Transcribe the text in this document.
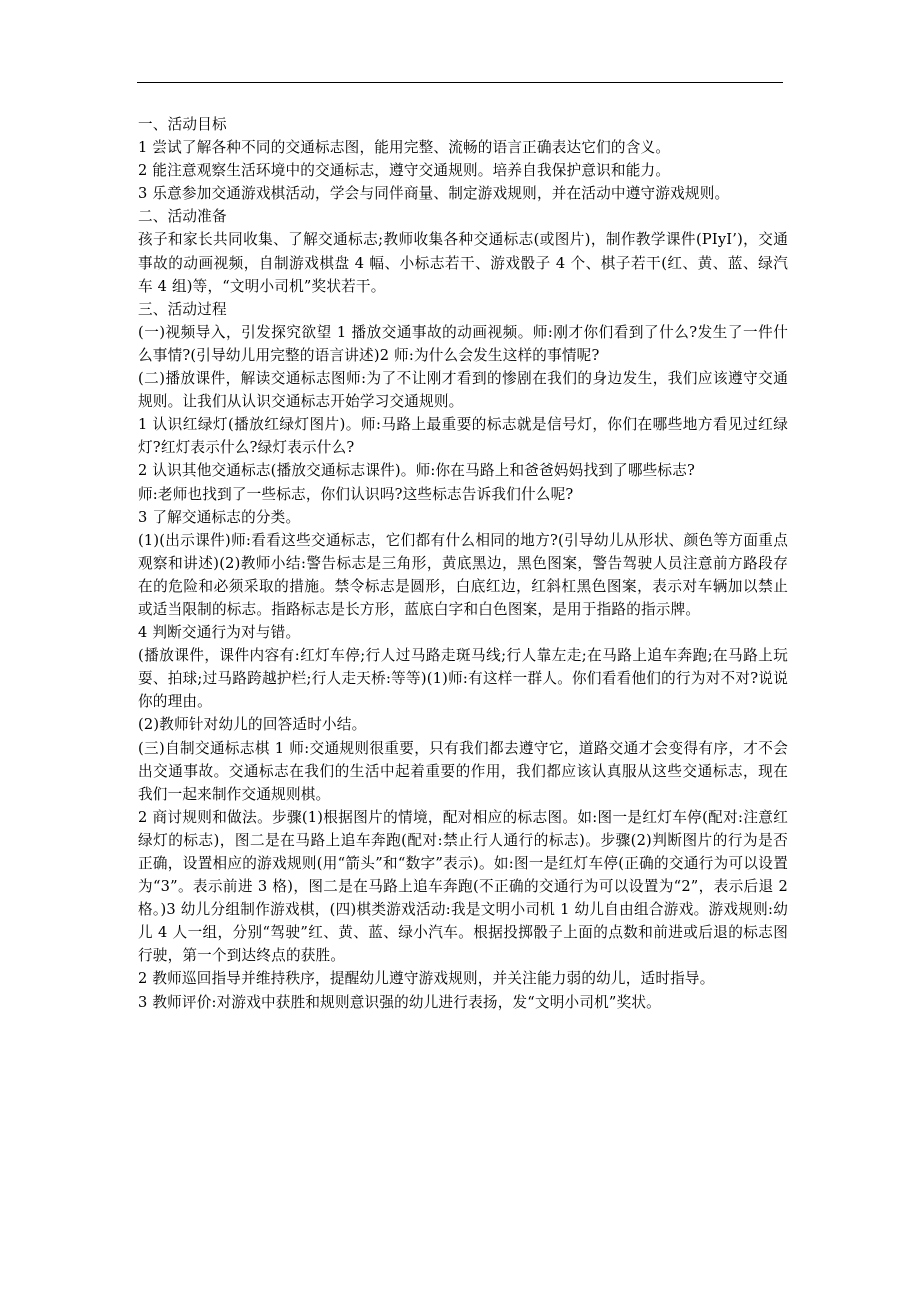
一、活动目标

1 尝试了解各种不同的交通标志图，能用完整、流畅的语言正确表达它们的含义。

2 能注意观察生活环境中的交通标志，遵守交通规则。培养自我保护意识和能力。

3 乐意参加交通游戏棋活动，学会与同伴商量、制定游戏规则，并在活动中遵守游戏规则。

二、活动准备

孩子和家长共同收集、了解交通标志;教师收集各种交通标志(或图片)，制作教学课件(PIyI’)，交通事故的动画视频，自制游戏棋盘 4 幅、小标志若干、游戏骰子 4 个、棋子若干(红、黄、蓝、绿汽车 4 组)等，“文明小司机”奖状若干。

三、活动过程

(一)视频导入，引发探究欲望 1 播放交通事故的动画视频。师:刚才你们看到了什么?发生了一件什么事情?(引导幼儿用完整的语言讲述)2 师:为什么会发生这样的事情呢?

(二)播放课件，解读交通标志图师:为了不让刚才看到的惨剧在我们的身边发生，我们应该遵守交通规则。让我们从认识交通标志开始学习交通规则。

1 认识红绿灯(播放红绿灯图片)。师:马路上最重要的标志就是信号灯，你们在哪些地方看见过红绿灯?红灯表示什么?绿灯表示什么?

2 认识其他交通标志(播放交通标志课件)。师:你在马路上和爸爸妈妈找到了哪些标志?

师:老师也找到了一些标志，你们认识吗?这些标志告诉我们什么呢?

3 了解交通标志的分类。

(1)(出示课件)师:看看这些交通标志，它们都有什么相同的地方?(引导幼儿从形状、颜色等方面重点观察和讲述)(2)教师小结:警告标志是三角形，黄底黑边，黑色图案，警告驾驶人员注意前方路段存在的危险和必须采取的措施。禁令标志是圆形，白底红边，红斜杠黑色图案，表示对车辆加以禁止或适当限制的标志。指路标志是长方形，蓝底白字和白色图案，是用于指路的指示牌。

4 判断交通行为对与错。

(播放课件，课件内容有:红灯车停;行人过马路走斑马线;行人靠左走;在马路上追车奔跑;在马路上玩耍、拍球;过马路跨越护栏;行人走天桥:等等)(1)师:有这样一群人。你们看看他们的行为对不对?说说你的理由。

(2)教师针对幼儿的回答适时小结。

(三)自制交通标志棋 1 师:交通规则很重要，只有我们都去遵守它，道路交通才会变得有序，才不会出交通事故。交通标志在我们的生活中起着重要的作用，我们都应该认真服从这些交通标志，现在我们一起来制作交通规则棋。

2 商讨规则和做法。步骤(1)根据图片的情境，配对相应的标志图。如:图一是红灯车停(配对:注意红绿灯的标志)，图二是在马路上追车奔跑(配对:禁止行人通行的标志)。步骤(2)判断图片的行为是否正确，设置相应的游戏规则(用“箭头”和“数字”表示)。如:图一是红灯车停(正确的交通行为可以设置为“3”。表示前进 3 格)，图二是在马路上追车奔跑(不正确的交通行为可以设置为“2”，表示后退 2 格。)3 幼儿分组制作游戏棋，(四)棋类游戏活动:我是文明小司机 1 幼儿自由组合游戏。游戏规则:幼儿 4 人一组，分别“驾驶”红、黄、蓝、绿小汽车。根据投掷骰子上面的点数和前进或后退的标志图行驶，第一个到达终点的获胜。

2 教师巡回指导并维持秩序，提醒幼儿遵守游戏规则，并关注能力弱的幼儿，适时指导。

3 教师评价:对游戏中获胜和规则意识强的幼儿进行表扬，发“文明小司机”奖状。
